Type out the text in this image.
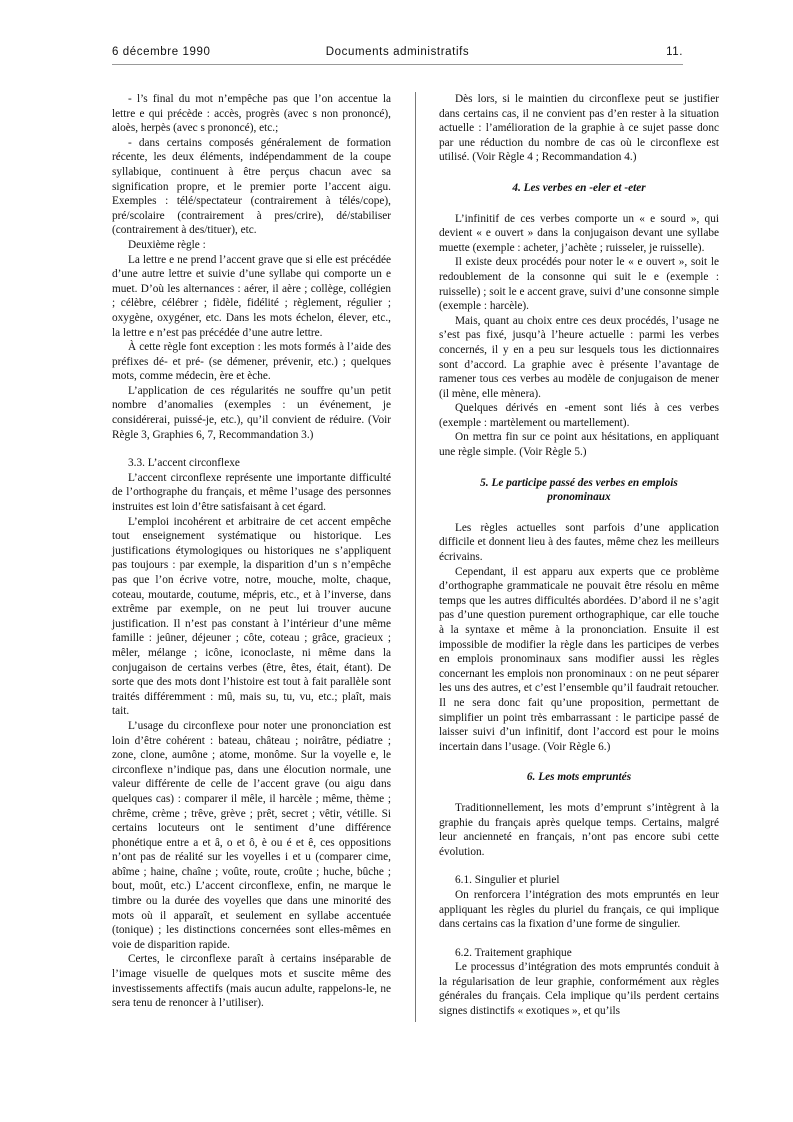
6 décembre 1990	Documents administratifs	11.

- l’s final du mot n’empêche pas que l’on accentue la lettre e qui précède : accès, progrès (avec s non prononcé), aloès, herpès (avec s prononcé), etc.;

- dans certains composés généralement de formation récente, les deux éléments, indépendamment de la coupe syllabique, continuent à être perçus chacun avec sa signification propre, et le premier porte l’accent aigu. Exemples : télé/spectateur (contrairement à télés/cope), pré/scolaire (contrairement à pres/crire), dé/stabiliser (contrairement à des/tituer), etc.

Deuxième règle :

La lettre e ne prend l’accent grave que si elle est précédée d’une autre lettre et suivie d’une syllabe qui comporte un e muet. D’où les alternances : aérer, il aère ; collège, collégien ; célèbre, célébrer ; fidèle, fidélité ; règlement, régulier ; oxygène, oxygéner, etc. Dans les mots échelon, élever, etc., la lettre e n’est pas précédée d’une autre lettre.

À cette règle font exception : les mots formés à l’aide des préfixes dé- et pré- (se démener, prévenir, etc.) ; quelques mots, comme médecin, ère et èche.

L’application de ces régularités ne souffre qu’un petit nombre d’anomalies (exemples : un événement, je considérerai, puissé-je, etc.), qu’il convient de réduire. (Voir Règle 3, Graphies 6, 7, Recommandation 3.)

3.3. L’accent circonflexe

L’accent circonflexe représente une importante difficulté de l’orthographe du français, et même l’usage des personnes instruites est loin d’être satisfaisant à cet égard.

L’emploi incohérent et arbitraire de cet accent empêche tout enseignement systématique ou historique. Les justifications étymologiques ou historiques ne s’appliquent pas toujours : par exemple, la disparition d’un s n’empêche pas que l’on écrive votre, notre, mouche, molte, chaque, coteau, moutarde, coutume, mépris, etc., et à l’inverse, dans extrême par exemple, on ne peut lui trouver aucune justification. Il n’est pas constant à l’intérieur d’une même famille : jeûner, déjeuner ; côte, coteau ; grâce, gracieux ; mêler, mélange ; icône, iconoclaste, ni même dans la conjugaison de certains verbes (être, êtes, était, étant). De sorte que des mots dont l’histoire est tout à fait parallèle sont traités différemment : mû, mais su, tu, vu, etc.; plaît, mais tait.

L’usage du circonflexe pour noter une prononciation est loin d’être cohérent : bateau, château ; noirâtre, pédiatre ; zone, clone, aumône ; atome, monôme. Sur la voyelle e, le circonflexe n’indique pas, dans une élocution normale, une valeur différente de celle de l’accent grave (ou aigu dans quelques cas) : comparer il mêle, il harcèle ; même, thème ; chrême, crème ; trêve, grève ; prêt, secret ; vêtir, vétille. Si certains locuteurs ont le sentiment d’une différence phonétique entre a et â, o et ô, è ou é et ê, ces oppositions n’ont pas de réalité sur les voyelles i et u (comparer cime, abîme ; haine, chaîne ; voûte, route, croûte ; huche, bûche ; bout, moût, etc.) L’accent circonflexe, enfin, ne marque le timbre ou la durée des voyelles que dans une minorité des mots où il apparaît, et seulement en syllabe accentuée (tonique) ; les distinctions concernées sont elles-mêmes en voie de disparition rapide.

Certes, le circonflexe paraît à certains inséparable de l’image visuelle de quelques mots et suscite même des investissements affectifs (mais aucun adulte, rappelons-le, ne sera tenu de renoncer à l’utiliser).

Dès lors, si le maintien du circonflexe peut se justifier dans certains cas, il ne convient pas d’en rester à la situation actuelle : l’amélioration de la graphie à ce sujet passe donc par une réduction du nombre de cas où le circonflexe est utilisé. (Voir Règle 4 ; Recommandation 4.)

4. Les verbes en -eler et -eter

L’infinitif de ces verbes comporte un « e sourd », qui devient « e ouvert » dans la conjugaison devant une syllabe muette (exemple : acheter, j’achète ; ruisseler, je ruisselle).

Il existe deux procédés pour noter le « e ouvert », soit le redoublement de la consonne qui suit le e (exemple : ruisselle) ; soit le e accent grave, suivi d’une consonne simple (exemple : harcèle).

Mais, quant au choix entre ces deux procédés, l’usage ne s’est pas fixé, jusqu’à l’heure actuelle : parmi les verbes concernés, il y en a peu sur lesquels tous les dictionnaires sont d’accord. La graphie avec è présente l’avantage de ramener tous ces verbes au modèle de conjugaison de mener (il mène, elle mènera).

Quelques dérivés en -ement sont liés à ces verbes (exemple : martèlement ou martellement).

On mettra fin sur ce point aux hésitations, en appliquant une règle simple. (Voir Règle 5.)

5. Le participe passé des verbes en emplois
pronominaux

Les règles actuelles sont parfois d’une application difficile et donnent lieu à des fautes, même chez les meilleurs écrivains.

Cependant, il est apparu aux experts que ce problème d’orthographe grammaticale ne pouvait être résolu en même temps que les autres difficultés abordées. D’abord il ne s’agit pas d’une question purement orthographique, car elle touche à la syntaxe et même à la prononciation. Ensuite il est impossible de modifier la règle dans les participes de verbes en emplois pronominaux sans modifier aussi les règles concernant les emplois non pronominaux : on ne peut séparer les uns des autres, et c’est l’ensemble qu’il faudrait retoucher. Il ne sera donc fait qu’une proposition, permettant de simplifier un point très embarrassant : le participe passé de laisser suivi d’un infinitif, dont l’accord est pour le moins incertain dans l’usage. (Voir Règle 6.)

6. Les mots empruntés

Traditionnellement, les mots d’emprunt s’intègrent à la graphie du français après quelque temps. Certains, malgré leur ancienneté en français, n’ont pas encore subi cette évolution.

6.1. Singulier et pluriel

On renforcera l’intégration des mots empruntés en leur appliquant les règles du pluriel du français, ce qui implique dans certains cas la fixation d’une forme de singulier.

6.2. Traitement graphique

Le processus d’intégration des mots empruntés conduit à la régularisation de leur graphie, conformément aux règles générales du français. Cela implique qu’ils perdent certains signes distinctifs « exotiques », et qu’ils
